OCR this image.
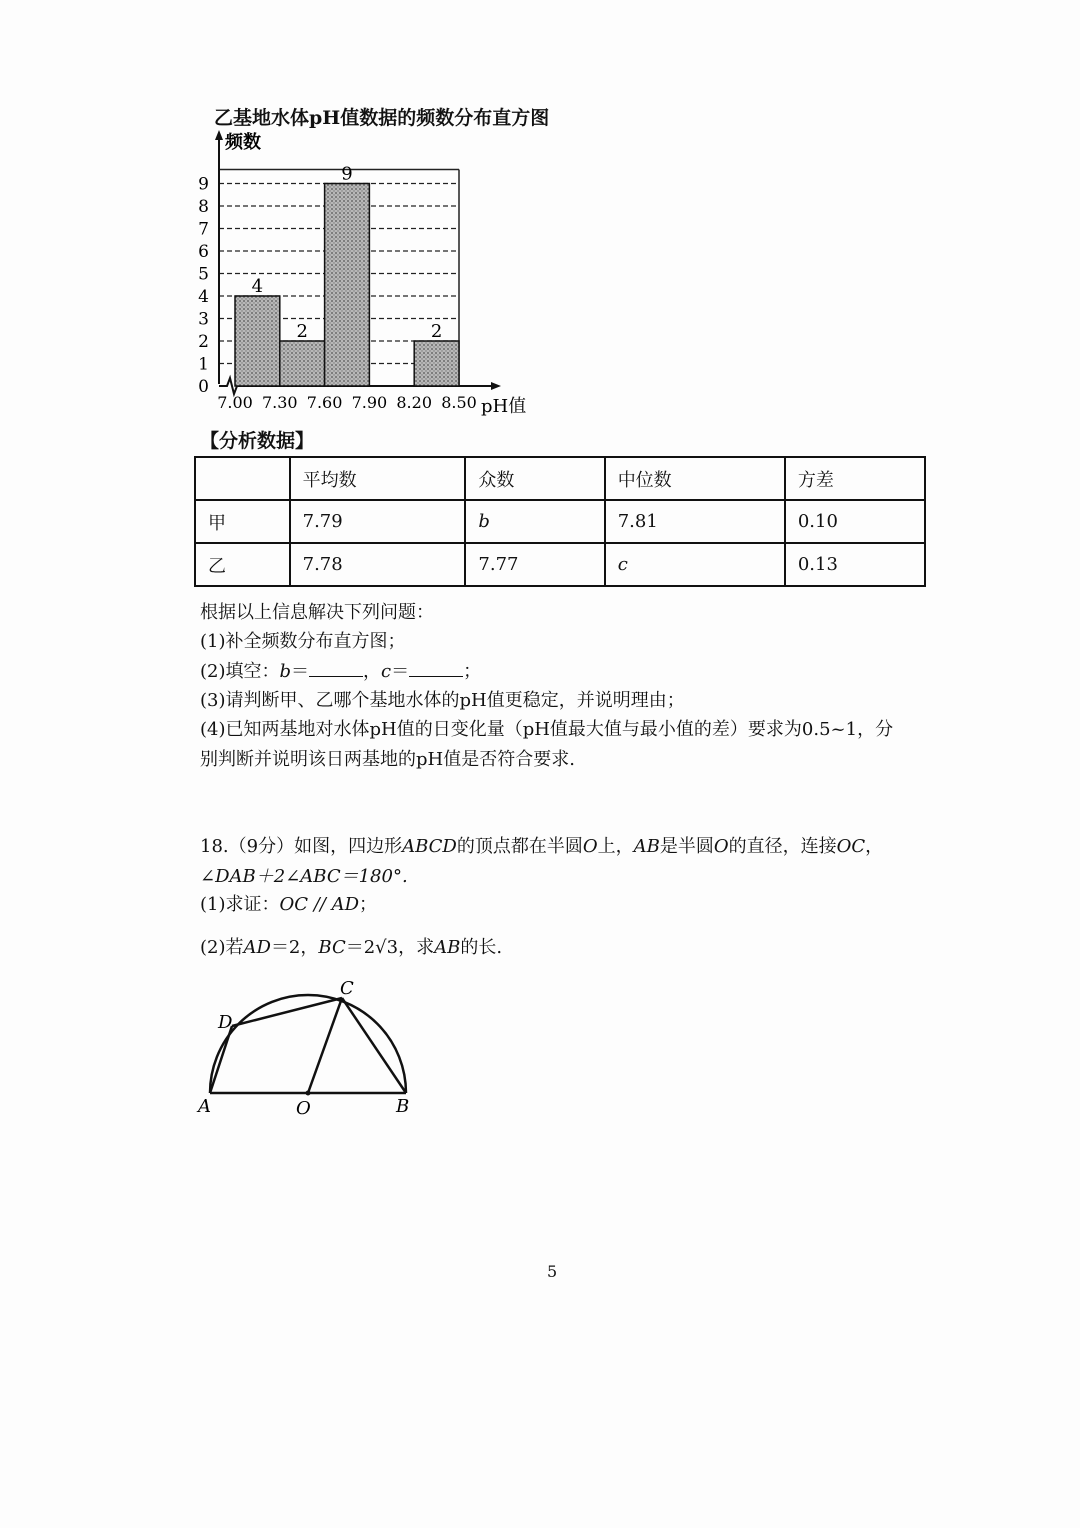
乙基地水体pH值数据的频数分布直方图
0
1
2
3
4
5
6
7
8
9
频数
7.00 7.30 7.60 7.90 8.20 8.50 pH值
4
2
9
2
【分析数据】
	平均数	众数	中位数	方差
甲	7.79	b	7.81	0.10
乙	7.78	7.77	c	0.13
根据以上信息解决下列问题：
(1)补全频数分布直方图；
(2)填空：b＝	，c＝	；
(3)请判断甲、乙哪个基地水体的pH值更稳定，并说明理由；
(4)已知两基地对水体pH值的日变化量（pH值最大值与最小值的差）要求为0.5~1，分
别判断并说明该日两基地的pH值是否符合要求.
18.（9分）如图，四边形ABCD的顶点都在半圆O上，AB是半圆O的直径，连接OC，
∠DAB＋2∠ABC＝180°.
(1)求证：OC // AD；
(2)若AD＝2，BC＝2√3，求AB的长.
A	B
C
D
O
5
